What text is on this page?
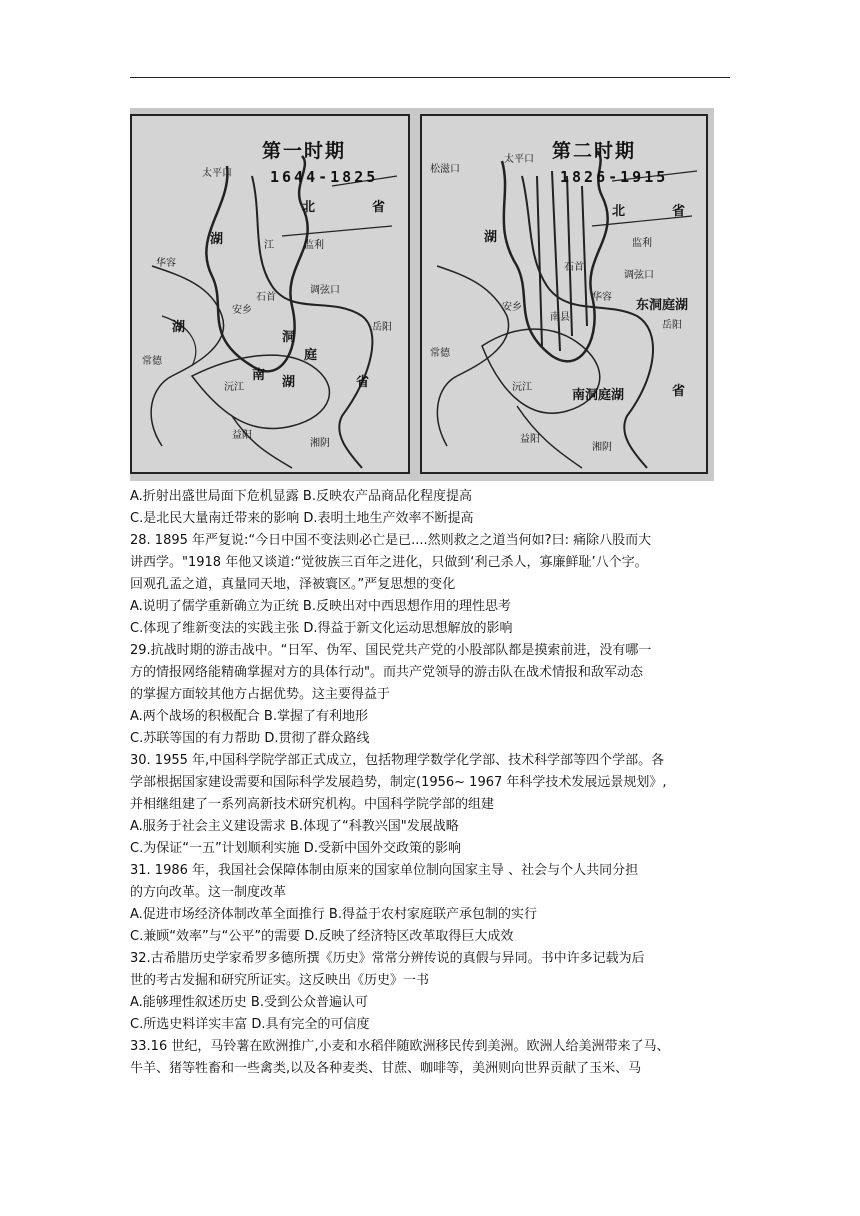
第一时期
1644-1825
太平口
湖
北	省
江
石首
监利
调弦口
华容
安乡
湖
南	省
洞
庭
湖
常德
沅江
益阳
湘阴
岳阳
第二时期
1826-1915
松滋口
太平口
湖
北	省
石首
监利
调弦口
安乡
南县
华容
东洞庭湖
南洞庭湖
常德
沅江
益阳
湘阴
岳阳
省
A.折射出盛世局面下危机显露 B.反映农产品商品化程度提高
C.是北民大量南迁带来的影响 D.表明土地生产效率不断提高
28. 1895 年严复说:“今日中国不变法则必亡是已....然则救之之道当何如?曰: 痛除八股而大
讲西学。"1918 年他又谈道:“觉彼族三百年之进化，只做到‘利己杀人，寡廉鲜耻’八个字。
回观孔孟之道，真量同天地，泽被寰区。”严复思想的变化
A.说明了儒学重新确立为正统 B.反映出对中西思想作用的理性思考
C.体现了维新变法的实践主张 D.得益于新文化运动思想解放的影响
29.抗战时期的游击战中。“日军、伪军、国民党共产党的小股部队都是摸索前进，没有哪一
方的情报网络能精确掌握对方的具体行动"。而共产党领导的游击队在战术情报和敌军动态
的掌握方面较其他方占据优势。这主要得益于
A.两个战场的积极配合 B.掌握了有利地形
C.苏联等国的有力帮助 D.贯彻了群众路线
30. 1955 年,中国科学院学部正式成立，包括物理学数学化学部、技术科学部等四个学部。各
学部根据国家建设需要和国际科学发展趋势，制定(1956~ 1967 年科学技术发展远景规划》,
并相继组建了一系列高新技术研究机构。中国科学院学部的组建
A.服务于社会主义建设需求 B.体现了“科教兴国"发展战略
C.为保证“一五”计划顺利实施 D.受新中国外交政策的影响
31. 1986 年，我国社会保障体制由原来的国家单位制向国家主导 、社会与个人共同分担
的方向改革。这一制度改革
A.促进市场经济体制改革全面推行 B.得益于农村家庭联产承包制的实行
C.兼顾“效率”与“公平”的需要 D.反映了经济特区改革取得巨大成效
32.古希腊历史学家希罗多德所撰《历史》常常分辨传说的真假与异同。书中许多记载为后
世的考古发掘和研究所证实。这反映出《历史》一书
A.能够理性叙述历史 B.受到公众普遍认可
C.所选史料详实丰富 D.具有完全的可信度
33.16 世纪，马铃薯在欧洲推广,小麦和水稻伴随欧洲移民传到美洲。欧洲人给美洲带来了马、
牛羊、猪等牲畜和一些禽类,以及各种麦类、甘蔗、咖啡等，美洲则向世界贡献了玉米、马
